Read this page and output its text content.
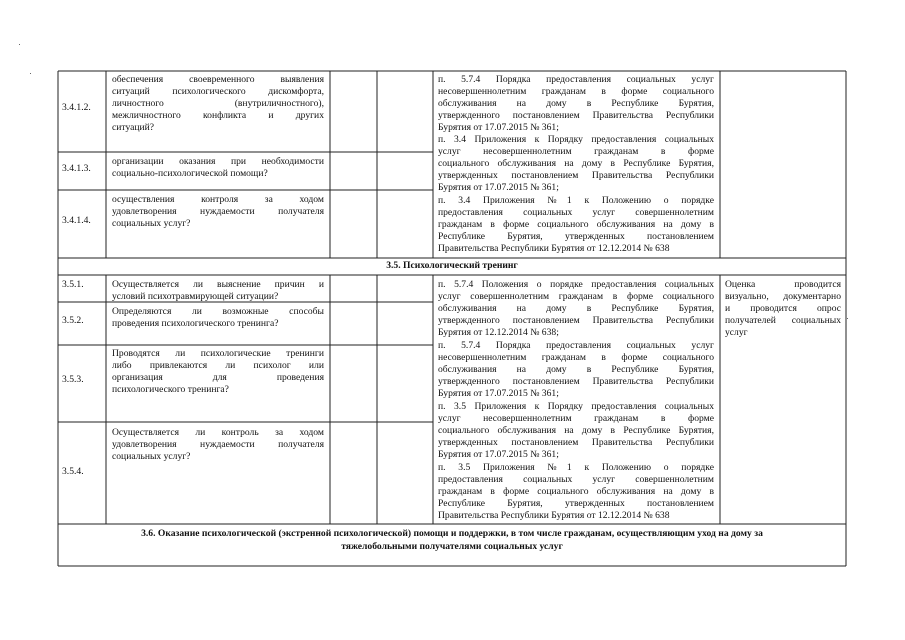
3.4.1.2.
обеспечения своевременного выявления
ситуаций психологического дискомфорта,
личностного (внутриличностного),
межличностного конфликта и других
ситуаций?
3.4.1.3.
организации оказания при необходимости
социально-психологической помощи?
3.4.1.4.
осуществления контроля за ходом
удовлетворения нуждаемости получателя
социальных услуг?
п. 5.7.4 Порядка предоставления социальных услуг
несовершеннолетним гражданам в форме социального
обслуживания на дому в Республике Бурятия,
утвержденного постановлением Правительства Республики
Бурятия от 17.07.2015 № 361;
п. 3.4 Приложения к Порядку предоставления социальных
услуг несовершеннолетним гражданам в форме
социального обслуживания на дому в Республике Бурятия,
утвержденных постановлением Правительства Республики
Бурятия от 17.07.2015 № 361;
п. 3.4 Приложения №1 к Положению о порядке
предоставления социальных услуг совершеннолетним
гражданам в форме социального обслуживания на дому в
Республике Бурятия, утвержденных постановлением
Правительства Республики Бурятия от 12.12.2014 № 638
3.5. Психологический тренинг
3.5.1.	Осуществляется ли выяснение причин и
условий психотравмирующей ситуации?
3.5.2.
Определяются ли возможные способы
проведения психологического тренинга?
3.5.3.
Проводятся ли психологические тренинги
либо привлекаются ли психолог или
организация для проведения
психологического тренинга?
3.5.4.
Осуществляется ли контроль за ходом
удовлетворения нуждаемости получателя
социальных услуг?
п. 5.7.4 Положения о порядке предоставления социальных
услуг совершеннолетним гражданам в форме социального
обслуживания на дому в Республике Бурятия,
утвержденного постановлением Правительства Республики
Бурятия от 12.12.2014 № 638;
п. 5.7.4 Порядка предоставления социальных услуг
несовершеннолетним гражданам в форме социального
обслуживания на дому в Республике Бурятия,
утвержденного постановлением Правительства Республики
Бурятия от 17.07.2015 № 361;
п. 3.5 Приложения к Порядку предоставления социальных
услуг несовершеннолетним гражданам в форме
социального обслуживания на дому в Республике Бурятия,
утвержденных постановлением Правительства Республики
Бурятия от 17.07.2015 № 361;
п. 3.5 Приложения №1 к Положению о порядке
предоставления социальных услуг совершеннолетним
гражданам в форме социального обслуживания на дому в
Республике Бурятия, утвержденных постановлением
Правительства Республики Бурятия от 12.12.2014 № 638
Оценка проводится
визуально, документарно
и проводится опрос
получателей социальных
услуг
3.6. Оказание психологической (экстренной психологической) помощи и поддержки, в том числе гражданам, осуществляющим уход на дому за
тяжелобольными получателями социальных услуг
